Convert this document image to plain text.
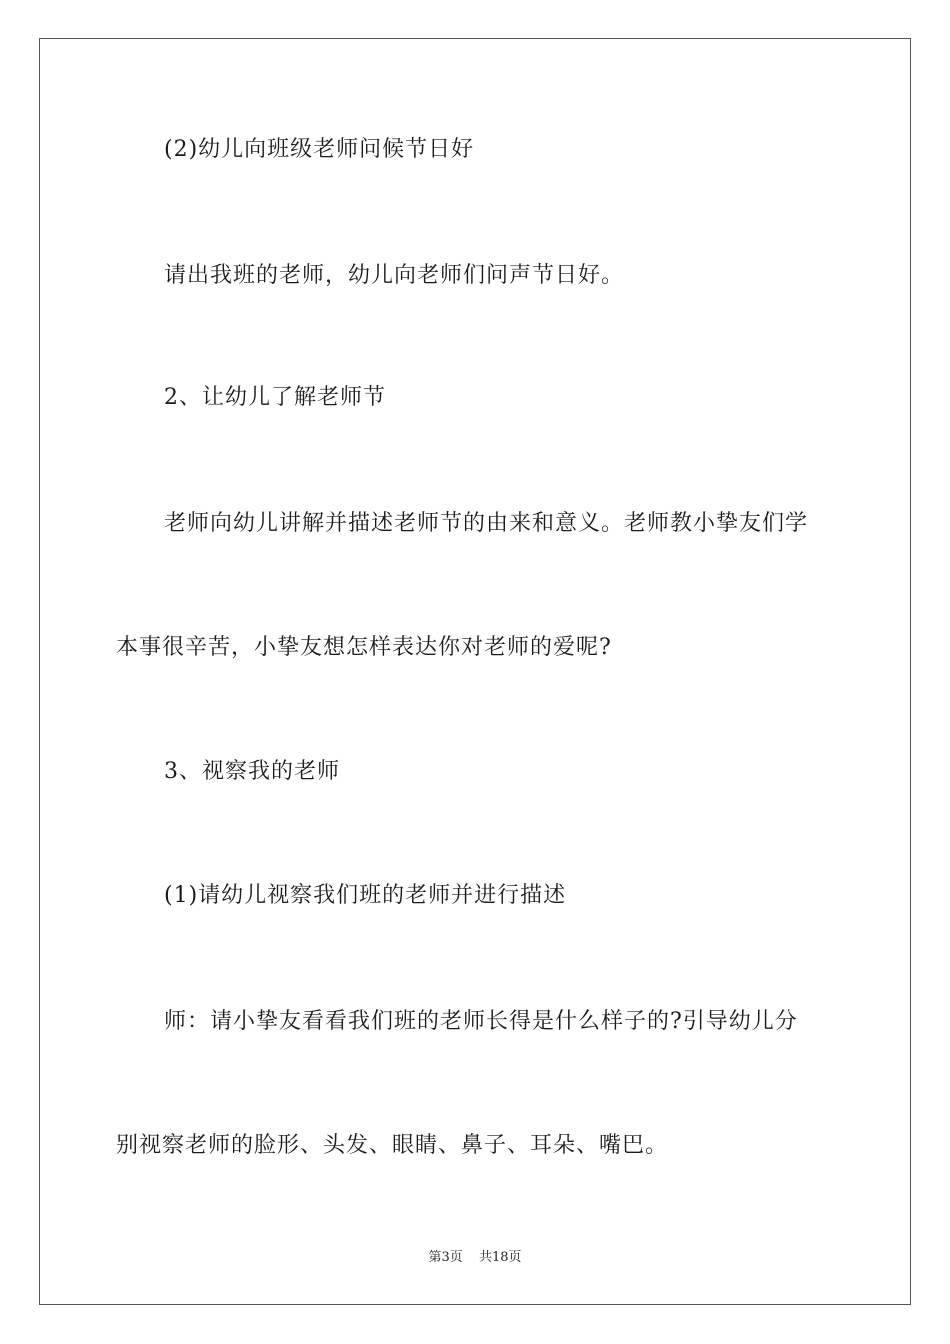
(2)幼儿向班级老师问候节日好

请出我班的老师，幼儿向老师们问声节日好。

2、让幼儿了解老师节

老师向幼儿讲解并描述老师节的由来和意义。老师教小挚友们学

本事很辛苦，小挚友想怎样表达你对老师的爱呢?

3、视察我的老师

(1)请幼儿视察我们班的老师并进行描述

师：请小挚友看看我们班的老师长得是什么样子的?引导幼儿分

别视察老师的脸形、头发、眼睛、鼻子、耳朵、嘴巴。

第3页 共18页
